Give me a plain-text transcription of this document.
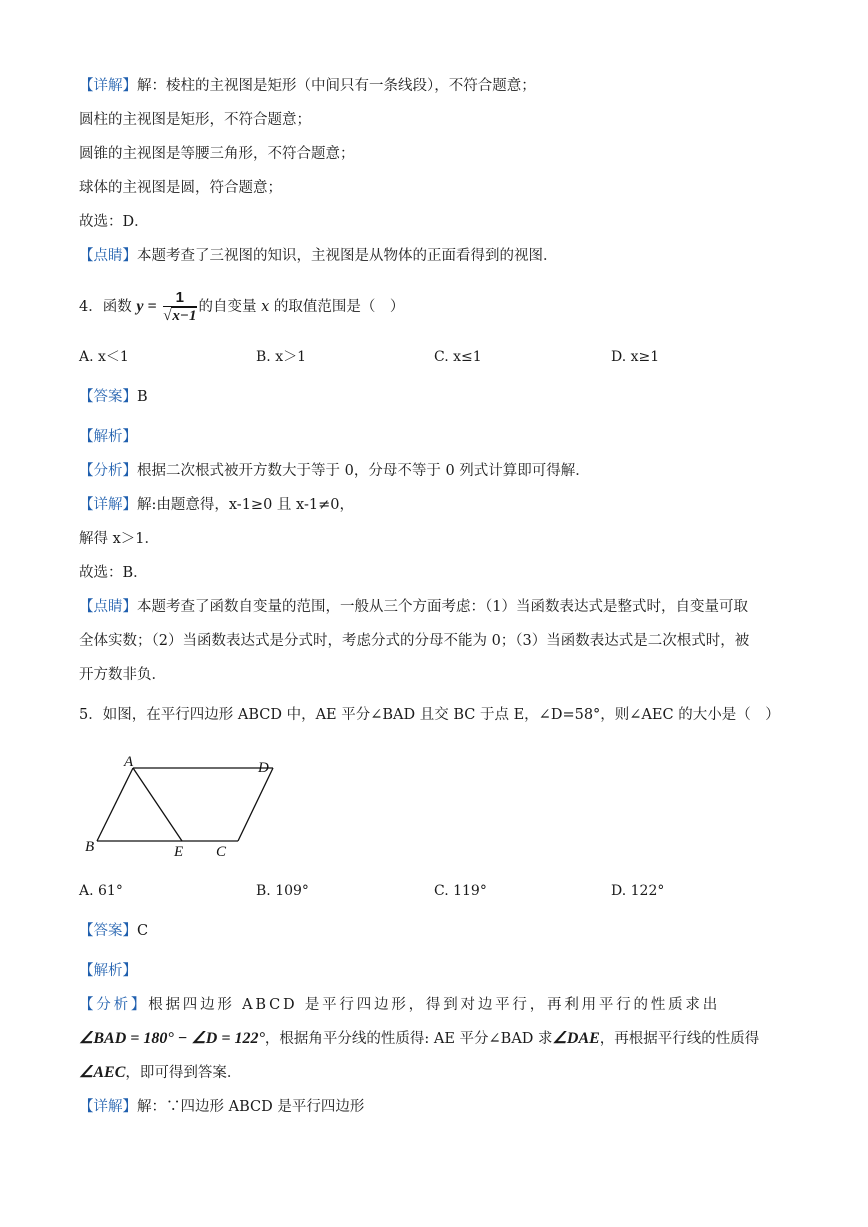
【详解】解：棱柱的主视图是矩形（中间只有一条线段），不符合题意；
圆柱的主视图是矩形，不符合题意；
圆锥的主视图是等腰三角形，不符合题意；
球体的主视图是圆，符合题意；
故选：D．
【点睛】本题考查了三视图的知识，主视图是从物体的正面看得到的视图．
4．函数 $y = \frac{1}{√x-1}$ 的自变量 x 的取值范围是（　）
A. x＜1	B. x＞1	C. x≤1	D. x≥1
【答案】B
【解析】
【分析】根据二次根式被开方数大于等于 0，分母不等于 0 列式计算即可得解．
【详解】解:由题意得，x-1≥0 且 x-1≠0，
解得 x＞1．
故选：B．
【点睛】本题考查了函数自变量的范围，一般从三个方面考虑：（1）当函数表达式是整式时，自变量可取
全体实数；（2）当函数表达式是分式时，考虑分式的分母不能为 0；（3）当函数表达式是二次根式时，被
开方数非负．
5．如图，在平行四边形 ABCD 中，AE 平分∠BAD 且交 BC 于点 E，∠D=58°，则∠AEC 的大小是（　）
A	D
B	E C
A. 61°	B. 109°	C. 119°	D. 122°
【答案】C
【解析】
【分析】根据四边形 ABCD 是平行四边形，得到对边平行，再利用平行的性质求出
∠BAD = 180° − ∠D = 122°，根据角平分线的性质得: AE 平分∠BAD 求∠DAE，再根据平行线的性质得
∠AEC，即可得到答案．
【详解】解：∵四边形 ABCD 是平行四边形
